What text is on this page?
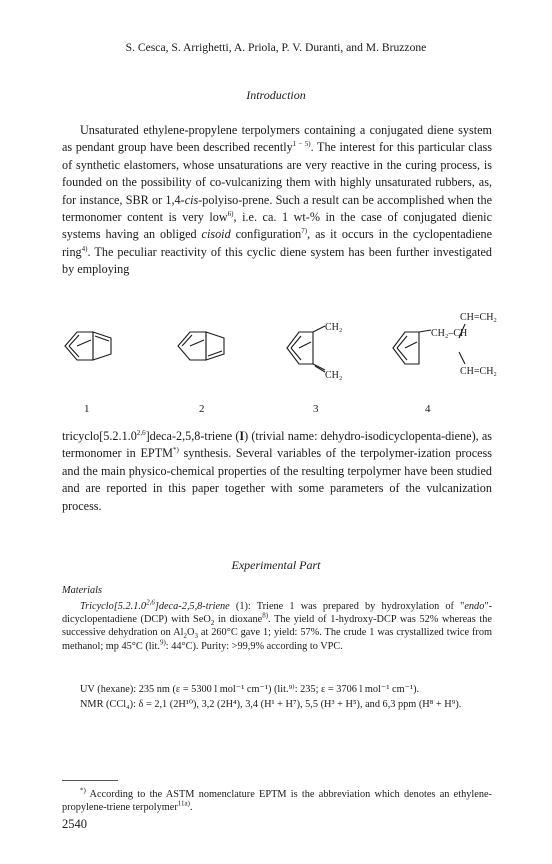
S. Cesca, S. Arrighetti, A. Priola, P. V. Duranti, and M. Bruzzone
Introduction

Unsaturated ethylene-propylene terpolymers containing a conjugated diene system as pendant group have been described recently$^{1 - 5)}$. The interest for this particular class of synthetic elastomers, whose unsaturations are very reactive in the curing process, is founded on the possibility of co-vulcanizing them with highly unsaturated rubbers, as, for instance, SBR or 1,4-cis-polyiso-prene. Such a result can be accomplished when the termonomer content is very low$^{6)}$, i.e. ca. 1 wt-% in the case of conjugated dienic systems having an obliged cisoid configuration$^{7)}$, as it occurs in the cyclopentadiene ring$^{4)}$. The peculiar reactivity of this cyclic diene system has been further investigated by employing

CH₂
CH₂
CH₂–CH
CH=CH₂
CH=CH₂
1	2	3	4

tricyclo[5.2.1.0$^{2,6}$]deca-2,5,8-triene (I) (trivial name: dehydro-isodicyclopenta-diene), as termonomer in EPTM*) synthesis. Several variables of the terpolymer-ization process and the main physico-chemical properties of the resulting terpolymer have been studied and are reported in this paper together with some parameters of the vulcanization process.

Experimental Part
Materials

Tricyclo[5.2.1.0$^{2,6}$]deca-2,5,8-triene (1): Triene 1 was prepared by hydroxylation of "endo"-dicyclopentadiene (DCP) with SeO$_2$ in dioxane$^{8)}$. The yield of 1-hydroxy-DCP was 52% whereas the successive dehydration on $Al_2O_3$ at 260°C gave 1; yield: 57%. The crude 1 was crystallized twice from methanol; mp 45°C (lit.$^{9)}$: 44°C). Purity: >99,9% according to VPC.

UV (hexane): 235 nm (ε = 5300 l mol⁻¹ cm⁻¹) (lit.⁹⁾: 235; ε = 3706 l mol⁻¹ cm⁻¹).

NMR (CCl₄): δ = 2,1 (2H¹⁰), 3,2 (2H⁴), 3,4 (H¹ + H⁷), 5,5 (H³ + H⁵), and 6,3 ppm (H⁸ + H⁹).

*) According to the ASTM nomenclature EPTM is the abbreviation which denotes an ethylene-propylene-triene terpolymer$^{11a)}$.

2540
